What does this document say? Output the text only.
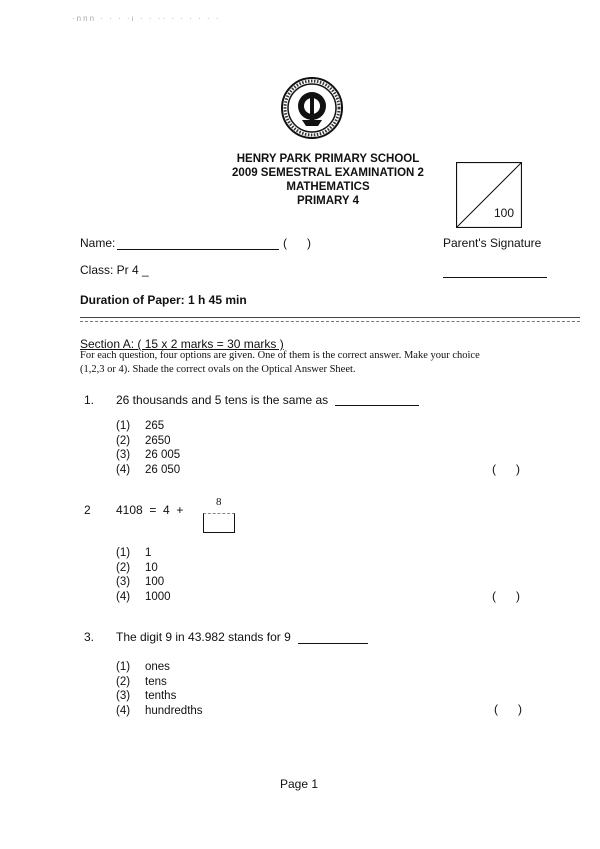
·nnn · · · ·ı · · ·· · · · · · ·
HENRY PARK PRIMARY SCHOOL
2009 SEMESTRAL EXAMINATION 2
MATHEMATICS
PRIMARY 4
100
Name:	(      )	Parent's Signature
Class: Pr 4 _
Duration of Paper: 1 h 45 min
Section A: ( 15 x 2 marks = 30 marks )
For each question, four options are given. One of them is the correct answer. Make your choice
(1,2,3 or 4). Shade the correct ovals on the Optical Answer Sheet.
1. 26 thousands and 5 tens is the same as
(1) 265
(2) 2650
(3) 26 005
(4) 26 050	(      )
2 4108  =  4  +
8
(1) 1
(2) 10
(3) 100
(4) 1000	(      )
3. The digit 9 in 43.982 stands for 9
(1) ones
(2) tens
(3) tenths
(4) hundredths	(      )
Page 1
